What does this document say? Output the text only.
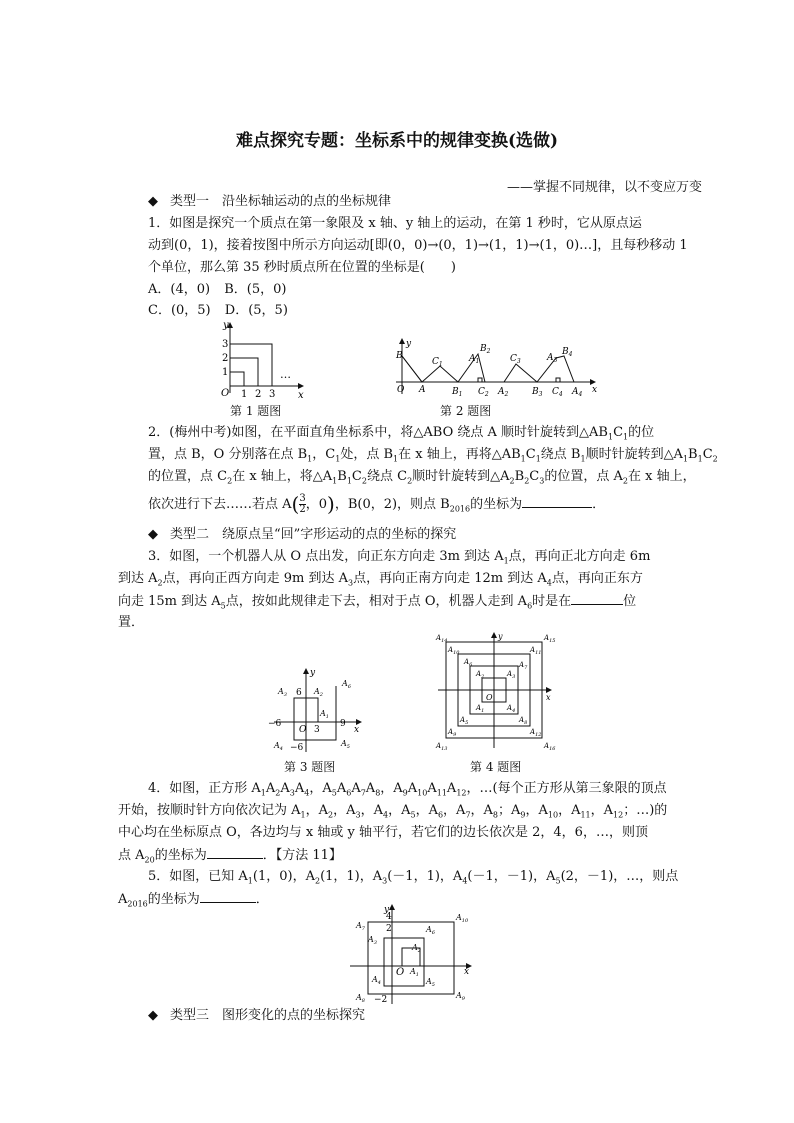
难点探究专题：坐标系中的规律变换(选做)
——掌握不同规律，以不变应万变
◆ 类型一　沿坐标轴运动的点的坐标规律
1．如图是探究一个质点在第一象限及 x 轴、y 轴上的运动，在第 1 秒时，它从原点运
动到(0，1)，接着按图中所示方向运动[即(0，0)→(0，1)→(1，1)→(1，0)…]，且每秒移动 1
个单位，那么第 35 秒时质点所在位置的坐标是(　　)
A．(4，0) B．(5，0)
C．(0，5) D．(5，5)
y
x
O 1 2 3
1
2
3
…
第 1 题图
y
x
O
B
A
$C_1$
$B_1$
$A_1$
$B_2$
$C_2$ $A_2$
$C_3$
$B_3$
$A_3$
$B_4$
$C_4$ $A_4$
第 2 题图
2．(梅州中考)如图，在平面直角坐标系中，将△ABO 绕点 A 顺时针旋转到$\triangle AB_1C_1$的位
置，点 B，O 分别落在点 $B_1$，$C_1$处，点 $B_1$在 x 轴上，再将$\triangle AB_1C_1$绕点 $B_1$顺时针旋转到$\triangle A_1B_1C_2$
的位置，点 $C_2$在 x 轴上，将$\triangle A_1B_1C_2$绕点 $C_2$顺时针旋转到$\triangle A_2B_2C_3$的位置，点 $A_2$在 x 轴上，
依次进行下去……若点 $A( \frac{3}{2}$ ，0)，B(0，2)，则点 $B_{2016}$的坐标为	．
◆ 类型二　绕原点呈“回”字形运动的点的坐标的探究
3．如图，一个机器人从 O 点出发，向正东方向走 3m 到达 $A_1$点，再向正北方向走 6m
到达 $A_2$点，再向正西方向走 9m 到达 $A_3$点，再向正南方向走 12m 到达 $A_4$点，再向正东方
向走 15m 到达 $A_5$点，按如此规律走下去，相对于点 O，机器人走到 $A_6$时是在	位
置．
y
x
O
$A_1$
$A_2$
$A_3$
$A_4$
$A_5$
$A_6$
6
−6
3
9
−6
第 3 题图
y
x
O
$A_1$
$A_2$	$A_3$
$A_4$
$A_5$
$A_6$	$A_7$
$A_8$
$A_9$
$A_{10}$	$A_{11}$
$A_{12}$
$A_{13}$
$A_{14}$	$A_{15}$
$A_{16}$
第 4 题图
4．如图，正方形 $A_1A_2A_3A_4$，$A_5A_6A_7A_8$，$A_9A_{10}A_{11}A_{12}$，…(每个正方形从第三象限的顶点
开始，按顺时针方向依次记为 $A_1$，$A_2$，$A_3$，$A_4$，$A_5$，$A_6$，$A_7$，$A_8$；$A_9$，$A_{10}$，$A_{11}$，$A_{12}$；…)的
中心均在坐标原点 O，各边均与 x 轴或 y 轴平行，若它们的边长依次是 2，4，6，…，则顶
点 $A_{20}$的坐标为	．【方法 11】
5．如图，已知 $A_1(1$，0)，$A_2(1$，1)，$A_3(-1$，1)，$A_4(-1$，－1)，$A_5(2$，－1)，…，则点
$A_{2016}$的坐标为	．
y
x
O
4
2
−2
$A_1$
$A_2$
$A_3$
$A_4$	$A_5$
$A_6$
$A_7$
$A_8$
$A_9$
$A_{10}$
◆ 类型三　图形变化的点的坐标探究
